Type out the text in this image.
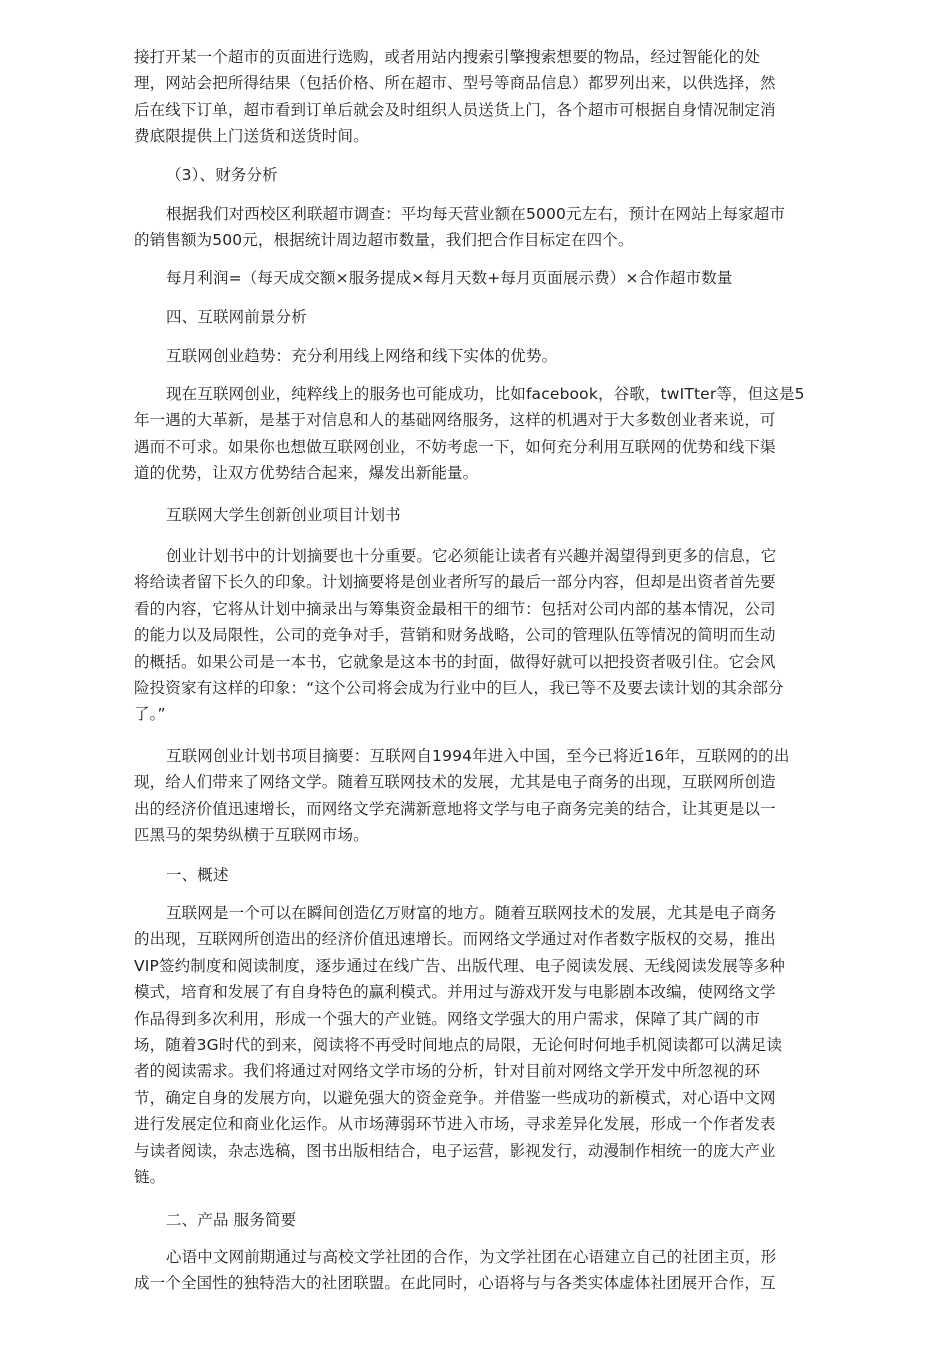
接打开某一个超市的页面进行选购，或者用站内搜索引擎搜索想要的物品，经过智能化的处
理，网站会把所得结果（包括价格、所在超市、型号等商品信息）都罗列出来，以供选择，然
后在线下订单，超市看到订单后就会及时组织人员送货上门，各个超市可根据自身情况制定消
费底限提供上门送货和送货时间。
（3）、财务分析
根据我们对西校区利联超市调查：平均每天营业额在5000元左右，预计在网站上每家超市
的销售额为500元，根据统计周边超市数量，我们把合作目标定在四个。
每月利润=（每天成交额×服务提成×每月天数+每月页面展示费）×合作超市数量
四、互联网前景分析
互联网创业趋势：充分利用线上网络和线下实体的优势。
现在互联网创业，纯粹线上的服务也可能成功，比如facebook，谷歌，twITter等，但这是5
年一遇的大革新，是基于对信息和人的基础网络服务，这样的机遇对于大多数创业者来说，可
遇而不可求。如果你也想做互联网创业，不妨考虑一下，如何充分利用互联网的优势和线下渠
道的优势，让双方优势结合起来，爆发出新能量。
互联网大学生创新创业项目计划书
创业计划书中的计划摘要也十分重要。它必须能让读者有兴趣并渴望得到更多的信息，它
将给读者留下长久的印象。计划摘要将是创业者所写的最后一部分内容，但却是出资者首先要
看的内容，它将从计划中摘录出与筹集资金最相干的细节：包括对公司内部的基本情况，公司
的能力以及局限性，公司的竞争对手，营销和财务战略，公司的管理队伍等情况的简明而生动
的概括。如果公司是一本书，它就象是这本书的封面，做得好就可以把投资者吸引住。它会风
险投资家有这样的印象：“这个公司将会成为行业中的巨人，我已等不及要去读计划的其余部分
了。”
互联网创业计划书项目摘要：互联网自1994年进入中国，至今已将近16年，互联网的的出
现，给人们带来了网络文学。随着互联网技术的发展，尤其是电子商务的出现，互联网所创造
出的经济价值迅速增长，而网络文学充满新意地将文学与电子商务完美的结合，让其更是以一
匹黑马的架势纵横于互联网市场。
一、概述
互联网是一个可以在瞬间创造亿万财富的地方。随着互联网技术的发展，尤其是电子商务
的出现，互联网所创造出的经济价值迅速增长。而网络文学通过对作者数字版权的交易，推出
VIP签约制度和阅读制度，逐步通过在线广告、出版代理、电子阅读发展、无线阅读发展等多种
模式，培育和发展了有自身特色的赢利模式。并用过与游戏开发与电影剧本改编，使网络文学
作品得到多次利用，形成一个强大的产业链。网络文学强大的用户需求，保障了其广阔的市
场，随着3G时代的到来，阅读将不再受时间地点的局限，无论何时何地手机阅读都可以满足读
者的阅读需求。我们将通过对网络文学市场的分析，针对目前对网络文学开发中所忽视的环
节，确定自身的发展方向，以避免强大的资金竞争。并借鉴一些成功的新模式，对心语中文网
进行发展定位和商业化运作。从市场薄弱环节进入市场，寻求差异化发展，形成一个作者发表
与读者阅读，杂志选稿，图书出版相结合，电子运营，影视发行，动漫制作相统一的庞大产业
链。
二、产品 服务简要
心语中文网前期通过与高校文学社团的合作，为文学社团在心语建立自己的社团主页，形
成一个全国性的独特浩大的社团联盟。在此同时，心语将与与各类实体虚体社团展开合作，互
